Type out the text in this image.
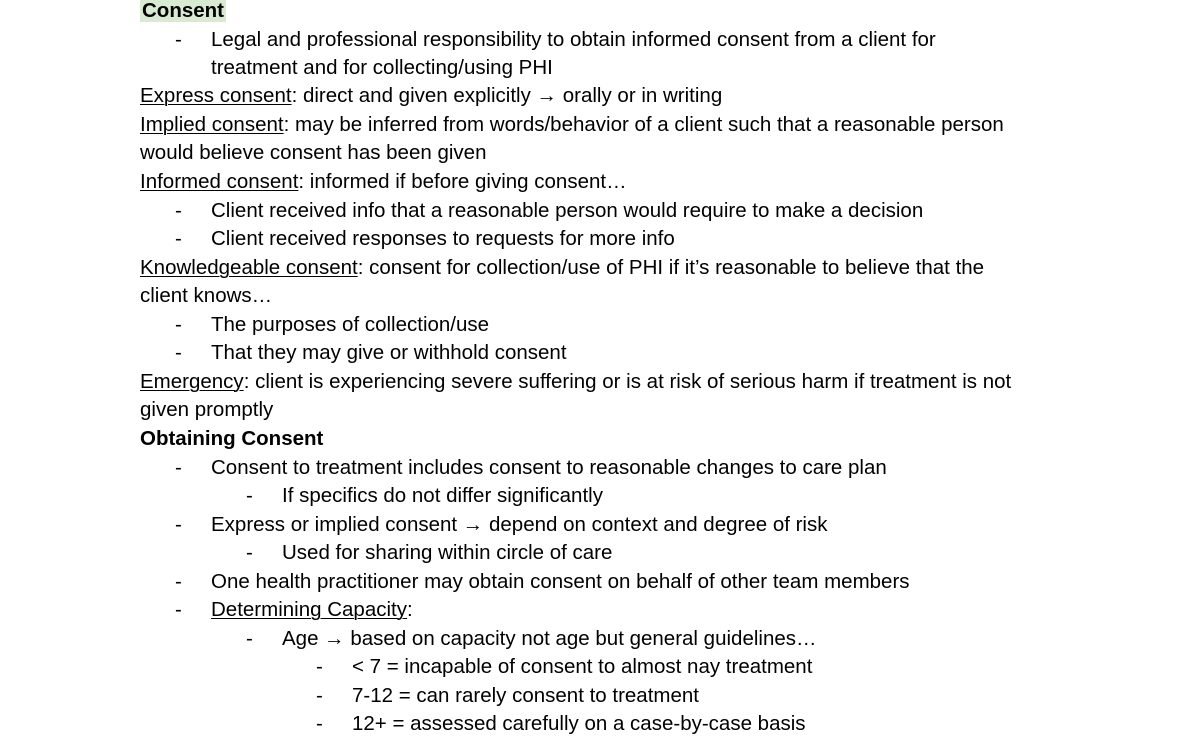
Consent
-	Legal and professional responsibility to obtain informed consent from a client for
treatment and for collecting/using PHI
Express consent: direct and given explicitly → orally or in writing
Implied consent: may be inferred from words/behavior of a client such that a reasonable person
would believe consent has been given
Informed consent: informed if before giving consent…
-	Client received info that a reasonable person would require to make a decision
-	Client received responses to requests for more info
Knowledgeable consent: consent for collection/use of PHI if it’s reasonable to believe that the
client knows…
-	The purposes of collection/use
-	That they may give or withhold consent
Emergency: client is experiencing severe suffering or is at risk of serious harm if treatment is not
given promptly
Obtaining Consent
-	Consent to treatment includes consent to reasonable changes to care plan
-	If specifics do not differ significantly
-	Express or implied consent → depend on context and degree of risk
-	Used for sharing within circle of care
-	One health practitioner may obtain consent on behalf of other team members
-	Determining Capacity:
-	Age → based on capacity not age but general guidelines…
-	< 7 = incapable of consent to almost nay treatment
-	7-12 = can rarely consent to treatment
-	12+ = assessed carefully on a case-by-case basis
